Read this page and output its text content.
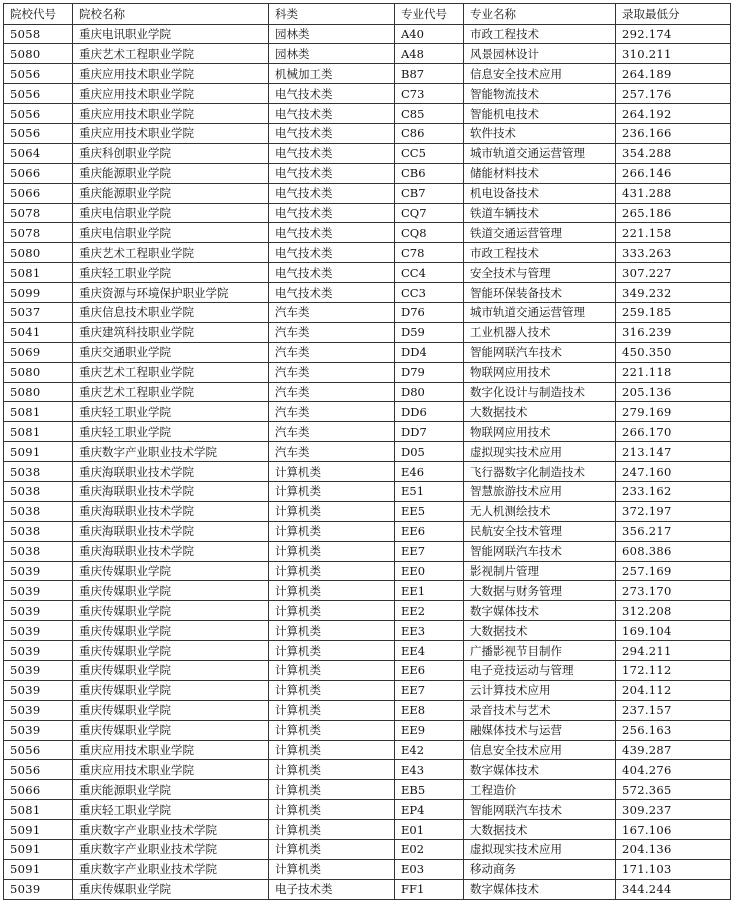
院校代号	院校名称	科类	专业代号	专业名称	录取最低分
5058	重庆电讯职业学院	园林类	A40	市政工程技术	292.174
5080	重庆艺术工程职业学院	园林类	A48	风景园林设计	310.211
5056	重庆应用技术职业学院	机械加工类	B87	信息安全技术应用	264.189
5056	重庆应用技术职业学院	电气技术类	C73	智能物流技术	257.176
5056	重庆应用技术职业学院	电气技术类	C85	智能机电技术	264.192
5056	重庆应用技术职业学院	电气技术类	C86	软件技术	236.166
5064	重庆科创职业学院	电气技术类	CC5	城市轨道交通运营管理	354.288
5066	重庆能源职业学院	电气技术类	CB6	储能材料技术	266.146
5066	重庆能源职业学院	电气技术类	CB7	机电设备技术	431.288
5078	重庆电信职业学院	电气技术类	CQ7	铁道车辆技术	265.186
5078	重庆电信职业学院	电气技术类	CQ8	铁道交通运营管理	221.158
5080	重庆艺术工程职业学院	电气技术类	C78	市政工程技术	333.263
5081	重庆轻工职业学院	电气技术类	CC4	安全技术与管理	307.227
5099	重庆资源与环境保护职业学院	电气技术类	CC3	智能环保装备技术	349.232
5037	重庆信息技术职业学院	汽车类	D76	城市轨道交通运营管理	259.185
5041	重庆建筑科技职业学院	汽车类	D59	工业机器人技术	316.239
5069	重庆交通职业学院	汽车类	DD4	智能网联汽车技术	450.350
5080	重庆艺术工程职业学院	汽车类	D79	物联网应用技术	221.118
5080	重庆艺术工程职业学院	汽车类	D80	数字化设计与制造技术	205.136
5081	重庆轻工职业学院	汽车类	DD6	大数据技术	279.169
5081	重庆轻工职业学院	汽车类	DD7	物联网应用技术	266.170
5091	重庆数字产业职业技术学院	汽车类	D05	虚拟现实技术应用	213.147
5038	重庆海联职业技术学院	计算机类	E46	飞行器数字化制造技术	247.160
5038	重庆海联职业技术学院	计算机类	E51	智慧旅游技术应用	233.162
5038	重庆海联职业技术学院	计算机类	EE5	无人机测绘技术	372.197
5038	重庆海联职业技术学院	计算机类	EE6	民航安全技术管理	356.217
5038	重庆海联职业技术学院	计算机类	EE7	智能网联汽车技术	608.386
5039	重庆传媒职业学院	计算机类	EE0	影视制片管理	257.169
5039	重庆传媒职业学院	计算机类	EE1	大数据与财务管理	273.170
5039	重庆传媒职业学院	计算机类	EE2	数字媒体技术	312.208
5039	重庆传媒职业学院	计算机类	EE3	大数据技术	169.104
5039	重庆传媒职业学院	计算机类	EE4	广播影视节目制作	294.211
5039	重庆传媒职业学院	计算机类	EE6	电子竞技运动与管理	172.112
5039	重庆传媒职业学院	计算机类	EE7	云计算技术应用	204.112
5039	重庆传媒职业学院	计算机类	EE8	录音技术与艺术	237.157
5039	重庆传媒职业学院	计算机类	EE9	融媒体技术与运营	256.163
5056	重庆应用技术职业学院	计算机类	E42	信息安全技术应用	439.287
5056	重庆应用技术职业学院	计算机类	E43	数字媒体技术	404.276
5066	重庆能源职业学院	计算机类	EB5	工程造价	572.365
5081	重庆轻工职业学院	计算机类	EP4	智能网联汽车技术	309.237
5091	重庆数字产业职业技术学院	计算机类	E01	大数据技术	167.106
5091	重庆数字产业职业技术学院	计算机类	E02	虚拟现实技术应用	204.136
5091	重庆数字产业职业技术学院	计算机类	E03	移动商务	171.103
5039	重庆传媒职业学院	电子技术类	FF1	数字媒体技术	344.244
